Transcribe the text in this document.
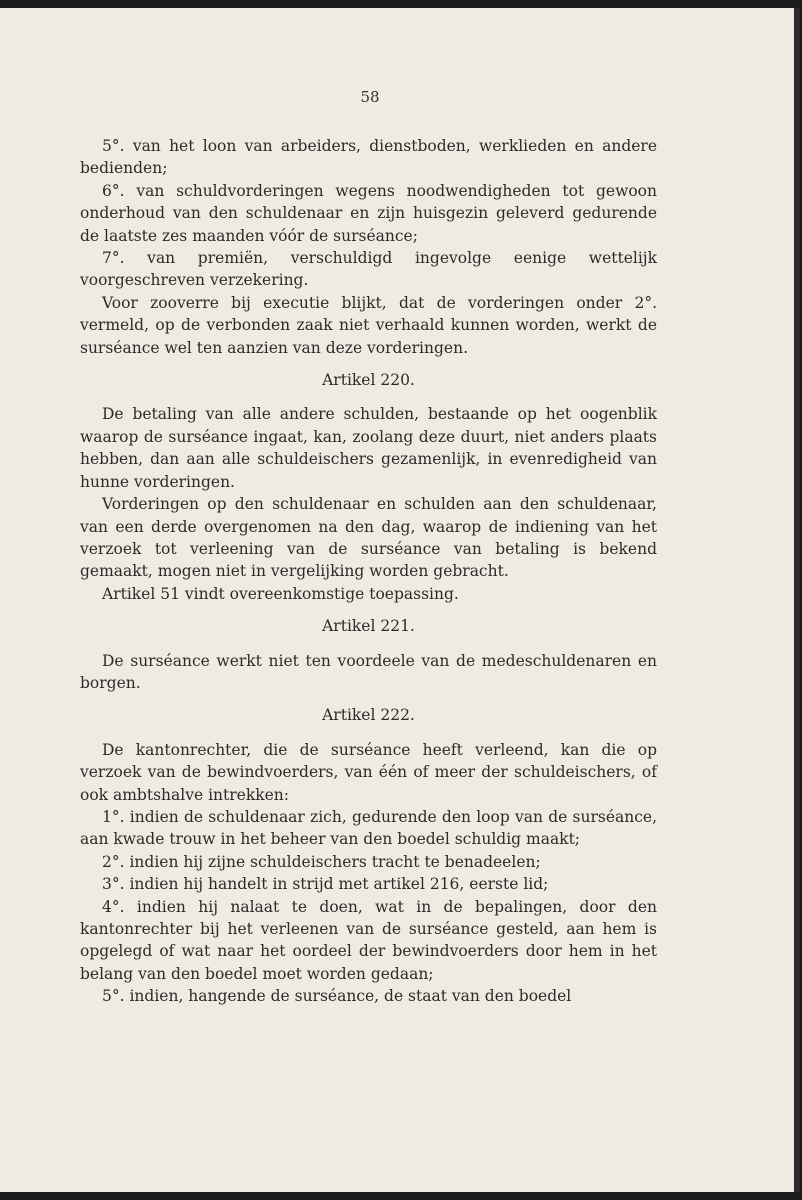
58

5°. van het loon van arbeiders, dienstboden, werklieden en andere bedienden;

6°. van schuldvorderingen wegens noodwendigheden tot gewoon onderhoud van den schuldenaar en zijn huisgezin geleverd gedurende de laatste zes maanden vóór de surséance;

7°. van premiën, verschuldigd ingevolge eenige wettelijk voorgeschreven verzekering.

Voor zooverre bij executie blijkt, dat de vorderingen onder 2°. vermeld, op de verbonden zaak niet verhaald kunnen worden, werkt de surséance wel ten aanzien van deze vorderingen.

Artikel 220.

De betaling van alle andere schulden, bestaande op het oogenblik waarop de surséance ingaat, kan, zoolang deze duurt, niet anders plaats hebben, dan aan alle schuldeischers gezamenlijk, in evenredigheid van hunne vorderingen.

Vorderingen op den schuldenaar en schulden aan den schuldenaar, van een derde overgenomen na den dag, waarop de indiening van het verzoek tot verleening van de surséance van betaling is bekend gemaakt, mogen niet in vergelijking worden gebracht.

Artikel 51 vindt overeenkomstige toepassing.

Artikel 221.

De surséance werkt niet ten voordeele van de medeschuldenaren en borgen.

Artikel 222.

De kantonrechter, die de surséance heeft verleend, kan die op verzoek van de bewindvoerders, van één of meer der schuldeischers, of ook ambtshalve intrekken:

1°. indien de schuldenaar zich, gedurende den loop van de surséance, aan kwade trouw in het beheer van den boedel schuldig maakt;

2°. indien hij zijne schuldeischers tracht te benadeelen;

3°. indien hij handelt in strijd met artikel 216, eerste lid;

4°. indien hij nalaat te doen, wat in de bepalingen, door den kantonrechter bij het verleenen van de surséance gesteld, aan hem is opgelegd of wat naar het oordeel der bewindvoerders door hem in het belang van den boedel moet worden gedaan;

5°. indien, hangende de surséance, de staat van den boedel
